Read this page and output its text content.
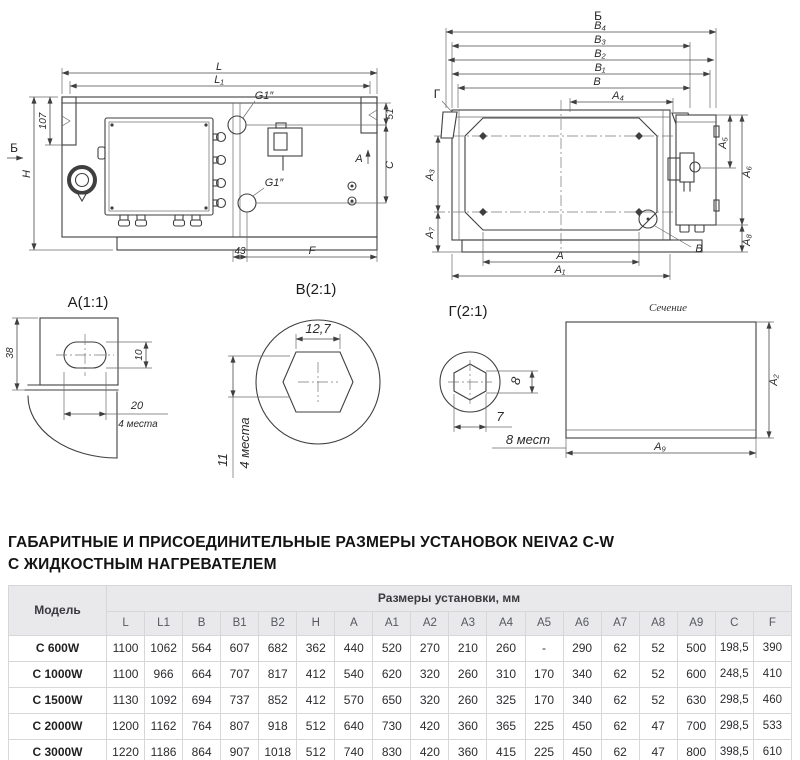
L
L₁
H
107
Б
G1″
G1″
51
C
A
43	F
Б
B₄
B₃
B₂
B₁
B
A₄
Г
A₃
A₇
A₅
A₆
A₈
A
A₁
B
А(1:1)
38	10
20
4 места
В(2:1)
12,7
11 4 места
Г(2:1)
8
7
8 мест
Сечение
A₂
A₉
ГАБАРИТНЫЕ И ПРИСОЕДИНИТЕЛЬНЫЕ РАЗМЕРЫ УСТАНОВОК NEIVA2 C-W
С ЖИДКОСТНЫМ НАГРЕВАТЕЛЕМ
Модель	Размеры установки, мм																	
	L	L1	B	B1	B2	H	A	A1	A2	A3	A4	A5	A6	A7	A8	A9	C	F
C 600W	1100	1062	564	607	682	362	440	520	270	210	260	-	290	62	52	500	198,5	390
C 1000W	1100	966	664	707	817	412	540	620	320	260	310	170	340	62	52	600	248,5	410
C 1500W	1130	1092	694	737	852	412	570	650	320	260	325	170	340	62	52	630	298,5	460
C 2000W	1200	1162	764	807	918	512	640	730	420	360	365	225	450	62	47	700	298,5	533
C 3000W	1220	1186	864	907	1018	512	740	830	420	360	415	225	450	62	47	800	398,5	610
